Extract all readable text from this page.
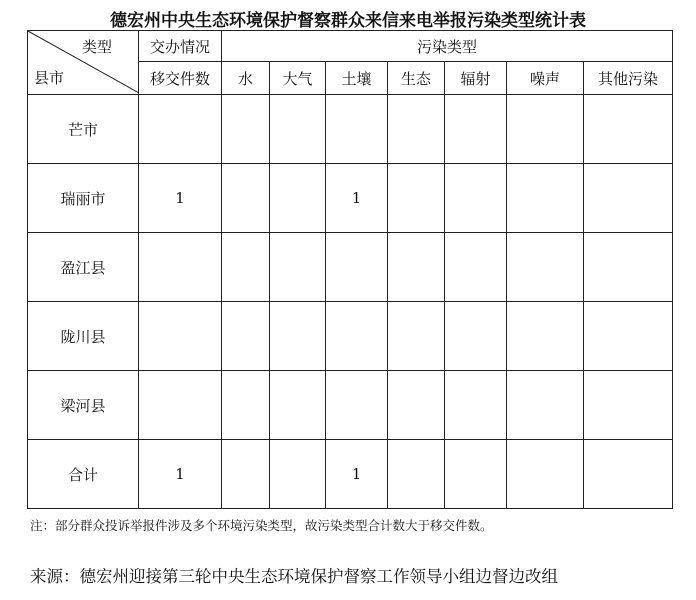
德宏州中央生态环境保护督察群众来信来电举报污染类型统计表
类型
县市	交办情况	污染类型						
	移交件数	水	大气	土壤	生态	辐射	噪声	其他污染
芒市								
瑞丽市	1			1				
盈江县								
陇川县								
梁河县								
合计	1			1				
注：部分群众投诉举报件涉及多个环境污染类型，故污染类型合计数大于移交件数。
来源：德宏州迎接第三轮中央生态环境保护督察工作领导小组边督边改组
